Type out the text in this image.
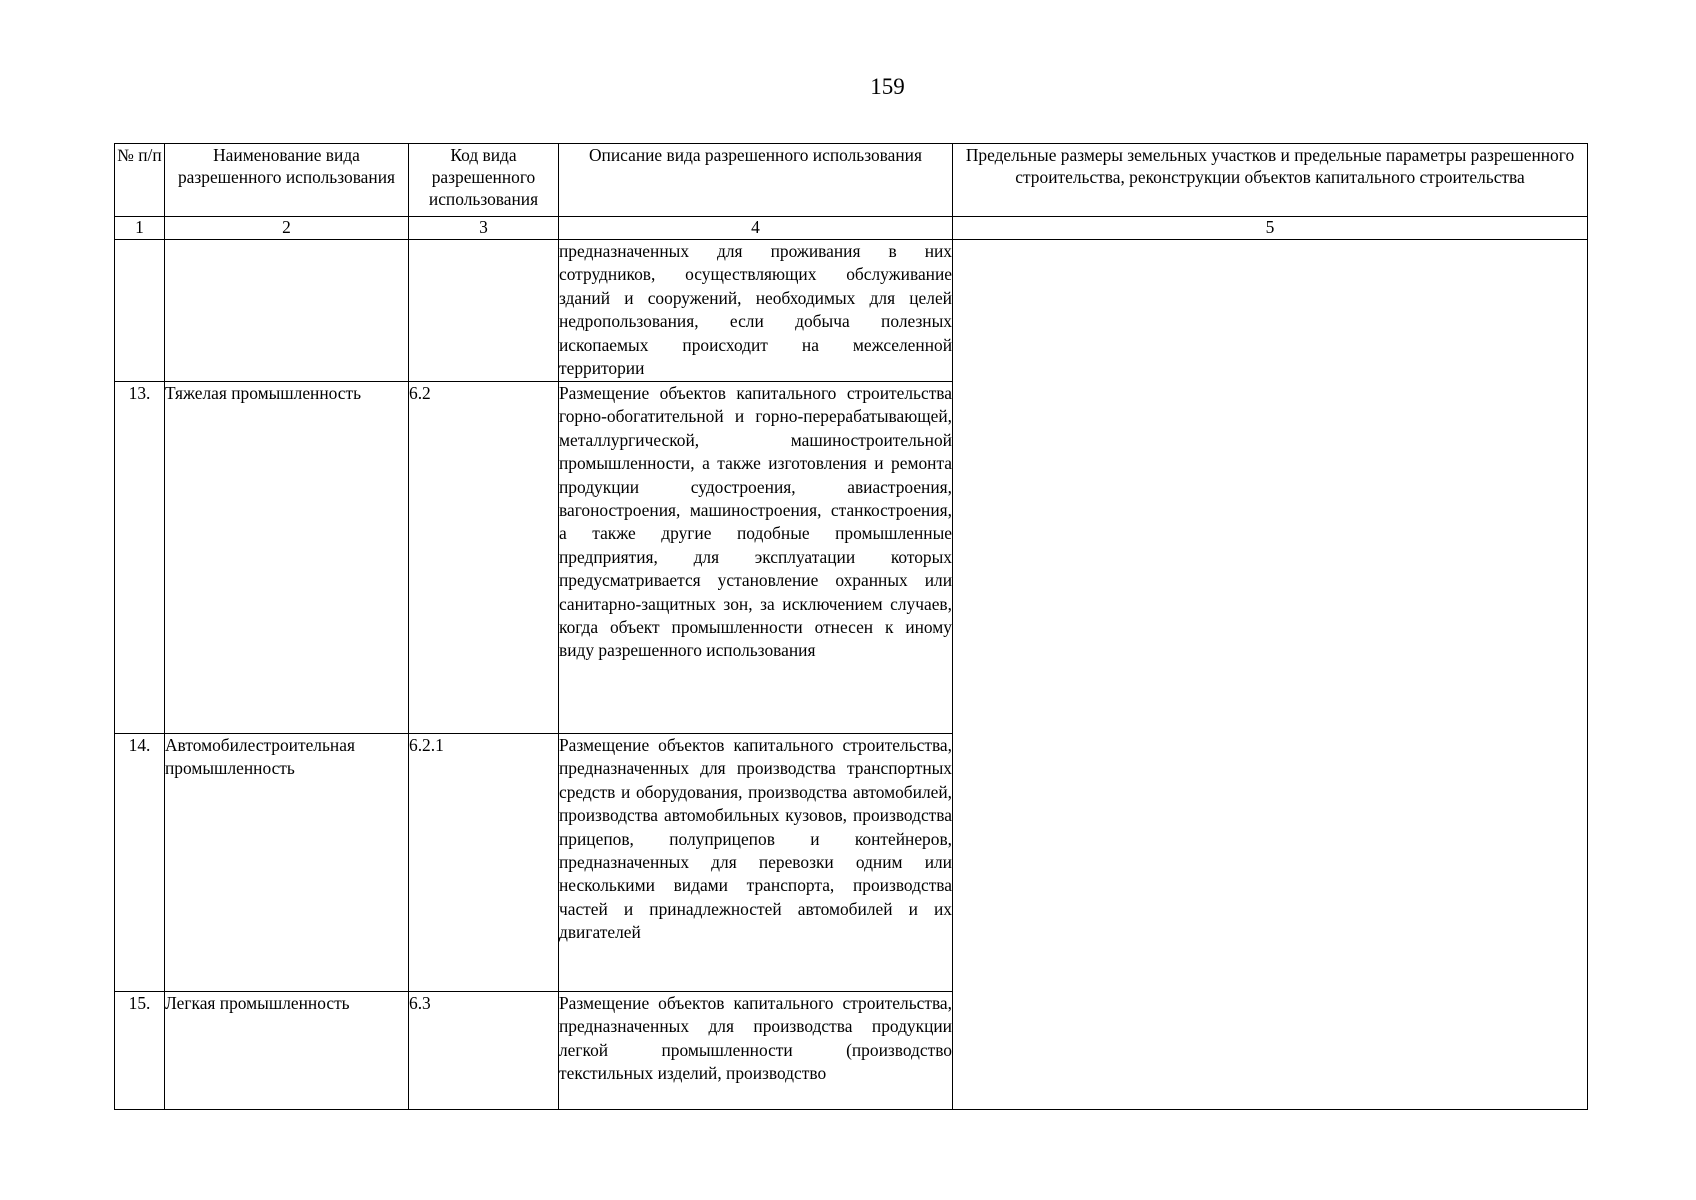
159
№ п/п	Наименование вида разрешенного использования	Код вида разрешенного использования	Описание вида разрешенного использования	Предельные размеры земельных участков и предельные параметры разрешенного строительства, реконструкции объектов капитального строительства
1	2	3	4	5
			предназначенных для проживания в них сотрудников, осуществляющих обслуживание зданий и сооружений, необходимых для целей недропользования, если добыча полезных ископаемых происходит на межселенной территории	
13.	Тяжелая промышленность	6.2	Размещение объектов капитального строительства горно-обогатительной и горно-перерабатывающей, металлургической, машиностроительной промышленности, а также изготовления и ремонта продукции судостроения, авиастроения, вагоностроения, машиностроения, станкостроения, а также другие подобные промышленные предприятия, для эксплуатации которых предусматривается установление охранных или санитарно-защитных зон, за исключением случаев, когда объект промышленности отнесен к иному виду разрешенного использования	
14.	Автомобилестроительная промышленность	6.2.1	Размещение объектов капитального строительства, предназначенных для производства транспортных средств и оборудования, производства автомобилей, производства автомобильных кузовов, производства прицепов, полуприцепов и контейнеров, предназначенных для перевозки одним или несколькими видами транспорта, производства частей и принадлежностей автомобилей и их двигателей	
15.	Легкая промышленность	6.3	Размещение объектов капитального строительства, предназначенных для производства продукции легкой промышленности (производство текстильных изделий, производство	
